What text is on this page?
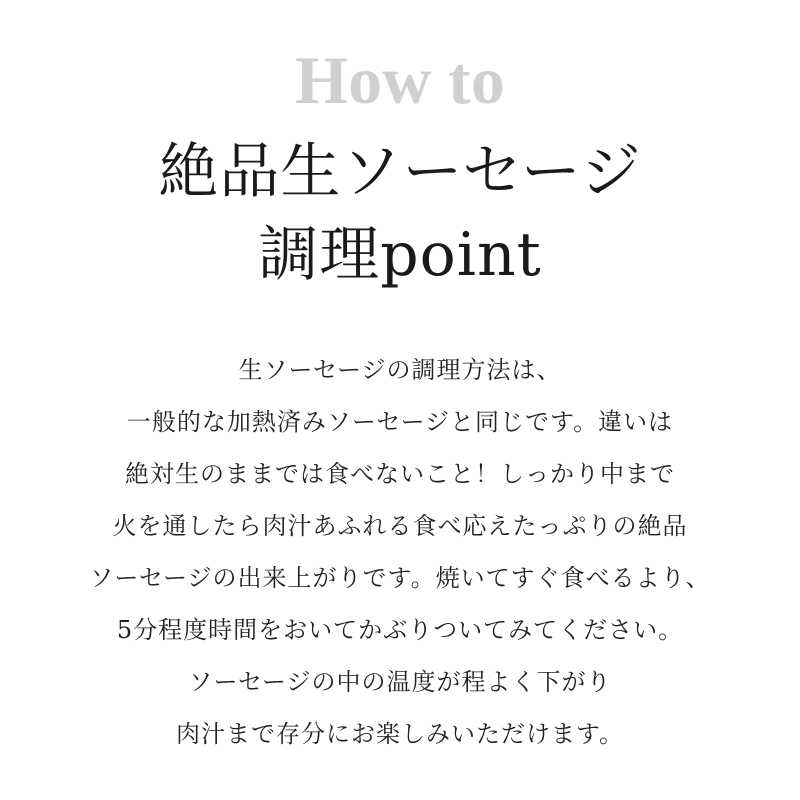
How to
絶品生ソーセージ
調理point
生ソーセージの調理方法は、
一般的な加熱済みソーセージと同じです。違いは
絶対生のままでは食べないこと！しっかり中まで
火を通したら肉汁あふれる食べ応えたっぷりの絶品
ソーセージの出来上がりです。焼いてすぐ食べるより、
5分程度時間をおいてかぶりついてみてください。
ソーセージの中の温度が程よく下がり
肉汁まで存分にお楽しみいただけます。
